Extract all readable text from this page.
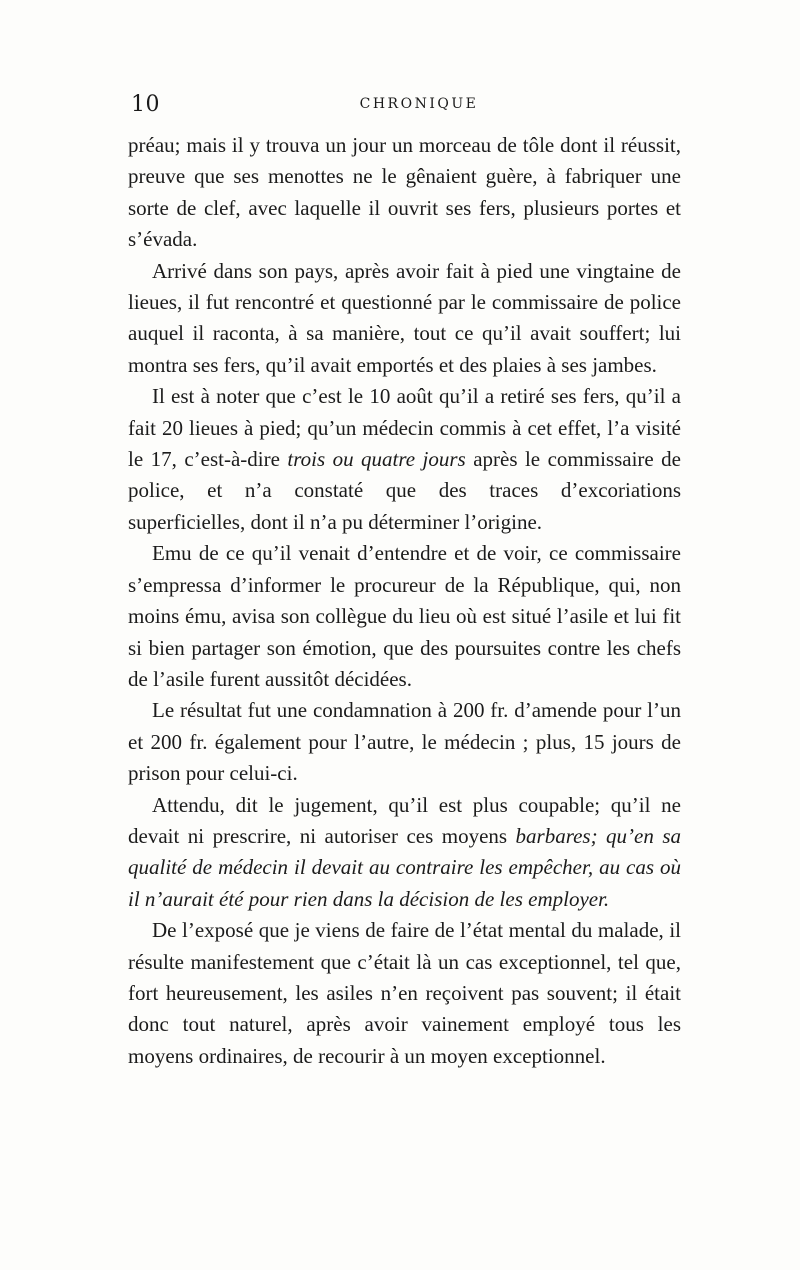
10	CHRONIQUE

préau; mais il y trouva un jour un morceau de tôle dont il réussit, preuve que ses menottes ne le gênaient guère, à fabriquer une sorte de clef, avec laquelle il ouvrit ses fers, plusieurs portes et s’évada.

Arrivé dans son pays, après avoir fait à pied une vingtaine de lieues, il fut rencontré et questionné par le commissaire de police auquel il raconta, à sa manière, tout ce qu’il avait souffert; lui montra ses fers, qu’il avait emportés et des plaies à ses jambes.

Il est à noter que c’est le 10 août qu’il a retiré ses fers, qu’il a fait 20 lieues à pied; qu’un médecin commis à cet effet, l’a visité le 17, c’est-à-dire trois ou quatre jours après le commissaire de police, et n’a constaté que des traces d’excoriations superficielles, dont il n’a pu déterminer l’origine.

Emu de ce qu’il venait d’entendre et de voir, ce commissaire s’empressa d’informer le procureur de la République, qui, non moins ému, avisa son collègue du lieu où est situé l’asile et lui fit si bien partager son émotion, que des poursuites contre les chefs de l’asile furent aussitôt décidées.

Le résultat fut une condamnation à 200 fr. d’amende pour l’un et 200 fr. également pour l’autre, le médecin ; plus, 15 jours de prison pour celui-ci.

Attendu, dit le jugement, qu’il est plus coupable; qu’il ne devait ni prescrire, ni autoriser ces moyens barbares; qu’en sa qualité de médecin il devait au contraire les empêcher, au cas où il n’aurait été pour rien dans la décision de les employer.

De l’exposé que je viens de faire de l’état mental du malade, il résulte manifestement que c’était là un cas exceptionnel, tel que, fort heureusement, les asiles n’en reçoivent pas souvent; il était donc tout naturel, après avoir vainement employé tous les moyens ordinaires, de recourir à un moyen exceptionnel.
